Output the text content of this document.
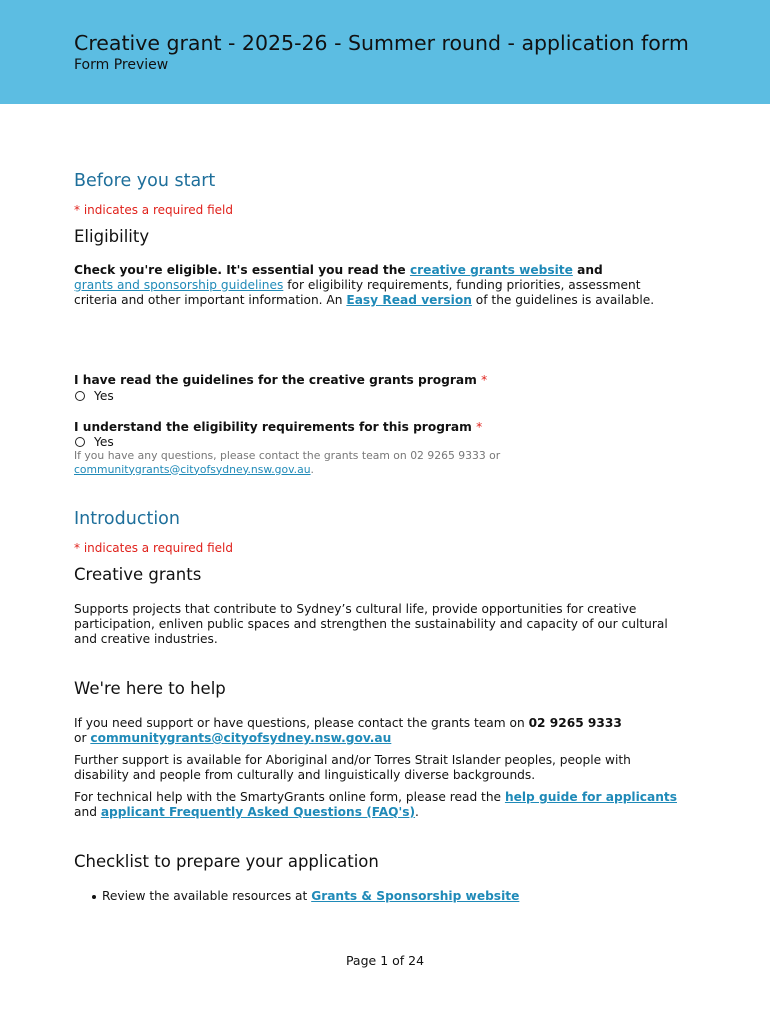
Creative grant - 2025-26 - Summer round - application form
Form Preview
Before you start
* indicates a required field
Eligibility
Check you're eligible. It's essential you read the creative grants website and
grants and sponsorship guidelines for eligibility requirements, funding priorities, assessment criteria and other important information. An Easy Read version of the guidelines is available.
I have read the guidelines for the creative grants program *
Yes
I understand the eligibility requirements for this program *
Yes
If you have any questions, please contact the grants team on 02 9265 9333 or
communitygrants@cityofsydney.nsw.gov.au.
Introduction
* indicates a required field
Creative grants
Supports projects that contribute to Sydney’s cultural life, provide opportunities for creative participation, enliven public spaces and strengthen the sustainability and capacity of our cultural and creative industries.
We're here to help
If you need support or have questions, please contact the grants team on 02 9265 9333
or communitygrants@cityofsydney.nsw.gov.au
Further support is available for Aboriginal and/or Torres Strait Islander peoples, people with disability and people from culturally and linguistically diverse backgrounds.
For technical help with the SmartyGrants online form, please read the help guide for applicants and applicant Frequently Asked Questions (FAQ's).
Checklist to prepare your application
Review the available resources at Grants & Sponsorship website
Page 1 of 24
